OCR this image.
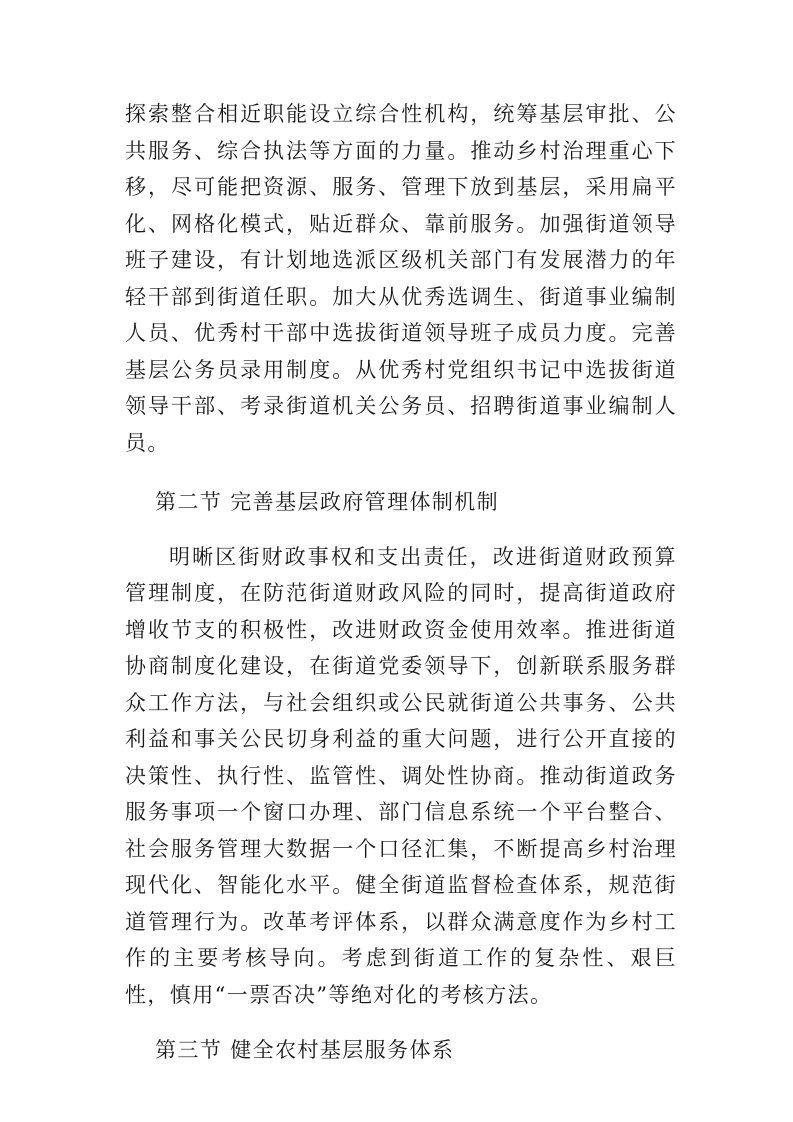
探索整合相近职能设立综合性机构，统筹基层审批、公共服务、综合执法等方面的力量。推动乡村治理重心下移，尽可能把资源、服务、管理下放到基层，采用扁平化、网格化模式，贴近群众、靠前服务。加强街道领导班子建设，有计划地选派区级机关部门有发展潜力的年轻干部到街道任职。加大从优秀选调生、街道事业编制人员、优秀村干部中选拔街道领导班子成员力度。完善基层公务员录用制度。从优秀村党组织书记中选拔街道领导干部、考录街道机关公务员、招聘街道事业编制人员。

第二节 完善基层政府管理体制机制

明晰区街财政事权和支出责任，改进街道财政预算管理制度，在防范街道财政风险的同时，提高街道政府增收节支的积极性，改进财政资金使用效率。推进街道协商制度化建设，在街道党委领导下，创新联系服务群众工作方法，与社会组织或公民就街道公共事务、公共利益和事关公民切身利益的重大问题，进行公开直接的决策性、执行性、监管性、调处性协商。推动街道政务服务事项一个窗口办理、部门信息系统一个平台整合、社会服务管理大数据一个口径汇集，不断提高乡村治理现代化、智能化水平。健全街道监督检查体系，规范街道管理行为。改革考评体系，以群众满意度作为乡村工作的主要考核导向。考虑到街道工作的复杂性、艰巨性，慎用“一票否决”等绝对化的考核方法。

第三节 健全农村基层服务体系
